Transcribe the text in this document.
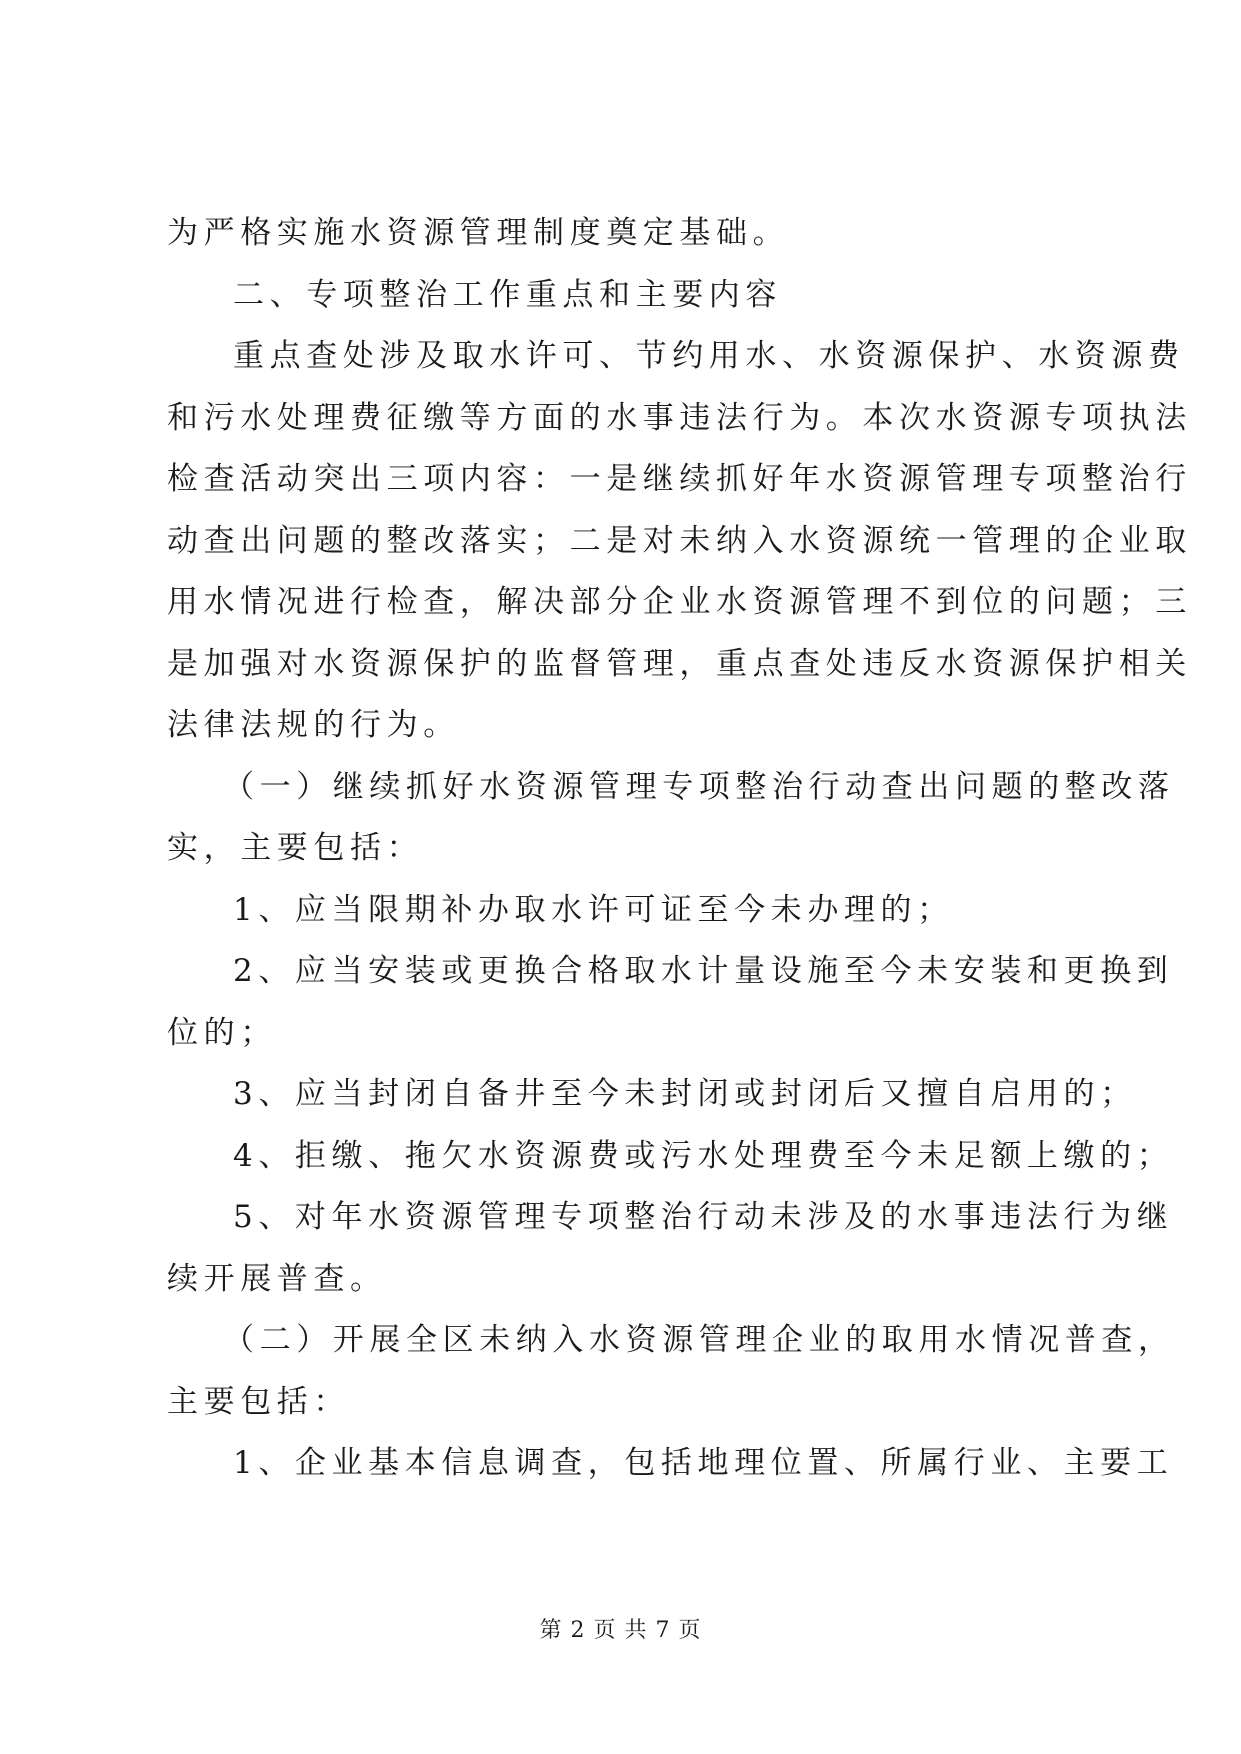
为严格实施水资源管理制度奠定基础。
二、专项整治工作重点和主要内容
重点查处涉及取水许可、节约用水、水资源保护、水资源费
和污水处理费征缴等方面的水事违法行为。本次水资源专项执法
检查活动突出三项内容：一是继续抓好年水资源管理专项整治行
动查出问题的整改落实；二是对未纳入水资源统一管理的企业取
用水情况进行检查，解决部分企业水资源管理不到位的问题；三
是加强对水资源保护的监督管理，重点查处违反水资源保护相关
法律法规的行为。
（一）继续抓好水资源管理专项整治行动查出问题的整改落
实，主要包括：
1、应当限期补办取水许可证至今未办理的；
2、应当安装或更换合格取水计量设施至今未安装和更换到
位的；
3、应当封闭自备井至今未封闭或封闭后又擅自启用的；
4、拒缴、拖欠水资源费或污水处理费至今未足额上缴的；
5、对年水资源管理专项整治行动未涉及的水事违法行为继
续开展普查。
（二）开展全区未纳入水资源管理企业的取用水情况普查，
主要包括：
1、企业基本信息调查，包括地理位置、所属行业、主要工
第 2 页 共 7 页
